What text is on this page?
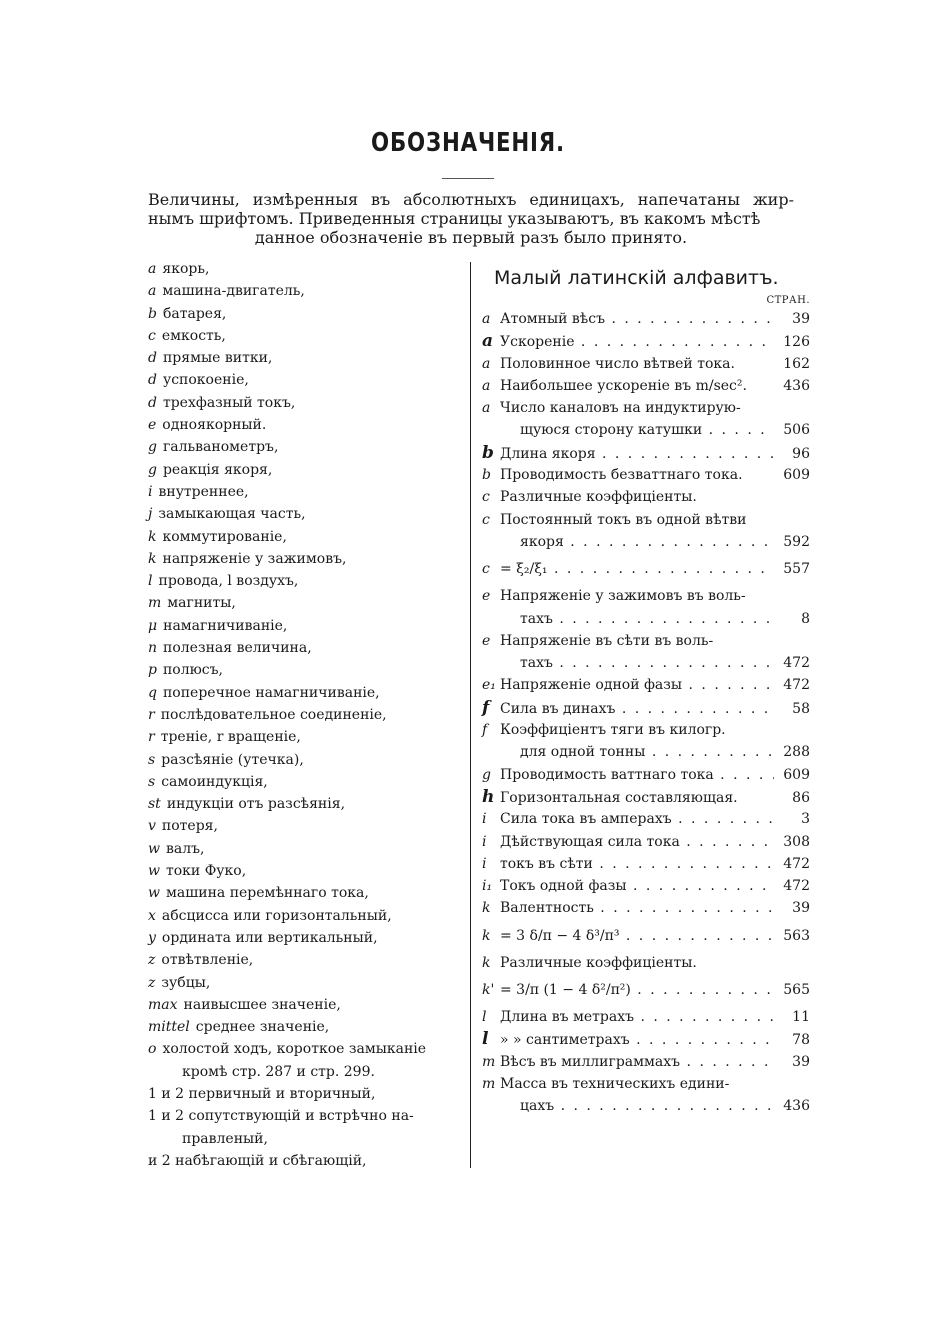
ОБОЗНАЧЕНІЯ.
Величины, измѣренныя въ абсолютныхъ единицахъ, напечатаны жир- нымъ шрифтомъ. Приведенныя страницы указываютъ, въ какомъ мѣстѣ
данное обозначеніе въ первый разъ было принято.
a якорь,
a машина-двигатель,
b батарея,
c емкость,
d прямые витки,
d успокоеніе,
d трехфазный токъ,
e одноякорный.
g гальванометръ,
g реакція якоря,
i внутреннее,
j замыкающая часть,
k коммутированіе,
k напряженіе у зажимовъ,
l провода, l воздухъ,
m магниты,
μ намагничиваніе,
n полезная величина,
p полюсъ,
q поперечное намагничиваніе,
r послѣдовательное соединеніе,
r треніе, r вращеніе,
s разсѣяніе (утечка),
s самоиндукція,
st индукціи отъ разсѣянія,
v потеря,
w валъ,
w токи Фуко,
w машина перемѣннаго тока,
x абсцисса или горизонтальный,
y ордината или вертикальный,
z отвѣтвленіе,
z зубцы,
max наивысшее значеніе,
mittel среднее значеніе,
o холостой ходъ, короткое замыканіе
кромѣ стр. 287 и стр. 299.
1 и 2 первичный и вторичный,
1 и 2 сопутствующій и встрѣчно на-
правленый,
и 2 набѣгающій и сбѣгающій,
Малый латинскій алфавитъ.
СТРАН.
a Атомный вѣсъ . . .	39
a Ускореніе . . .	126
a Половинное число вѣтвей тока.	162
a Наибольшее ускореніе въ m/sec².	436
a Число каналовъ на индуктирую-
щуюся сторону катушки . . .	506
b Длина якоря . . .	96
b Проводимость безваттнаго тока.	609
c Различные коэффиціенты.
c Постоянный токъ въ одной вѣтви
якоря . . .	592
c = ξ₂/ξ₁ . . .	557
e Напряженіе у зажимовъ въ воль-
тахъ . . .	8
e Напряженіе въ сѣти въ воль-
тахъ . . .	472
e₁ Напряженіе одной фазы . . .	472
f Сила въ динахъ . . .	58
f Коэффиціентъ тяги въ килогр.
для одной тонны . . .	288
g Проводимость ваттнаго тока . . .	609
h Горизонтальная составляющая.	86
i Сила тока въ амперахъ . . .	3
i Дѣйствующая сила тока . . .	308
i токъ въ сѣти . . .	472
i₁ Токъ одной фазы . . .	472
k Валентность . . .	39
k = 3 δ/π − 4 δ³/π³ . . .	563
k Различные коэффиціенты.
k' = 3/π (1 − 4 δ²/π²) . . .	565
l Длина въ метрахъ . . .	11
l » » сантиметрахъ . . .	78
m Вѣсъ въ миллиграммахъ . . .	39
m Масса въ техническихъ едини-
цахъ . . .	436
